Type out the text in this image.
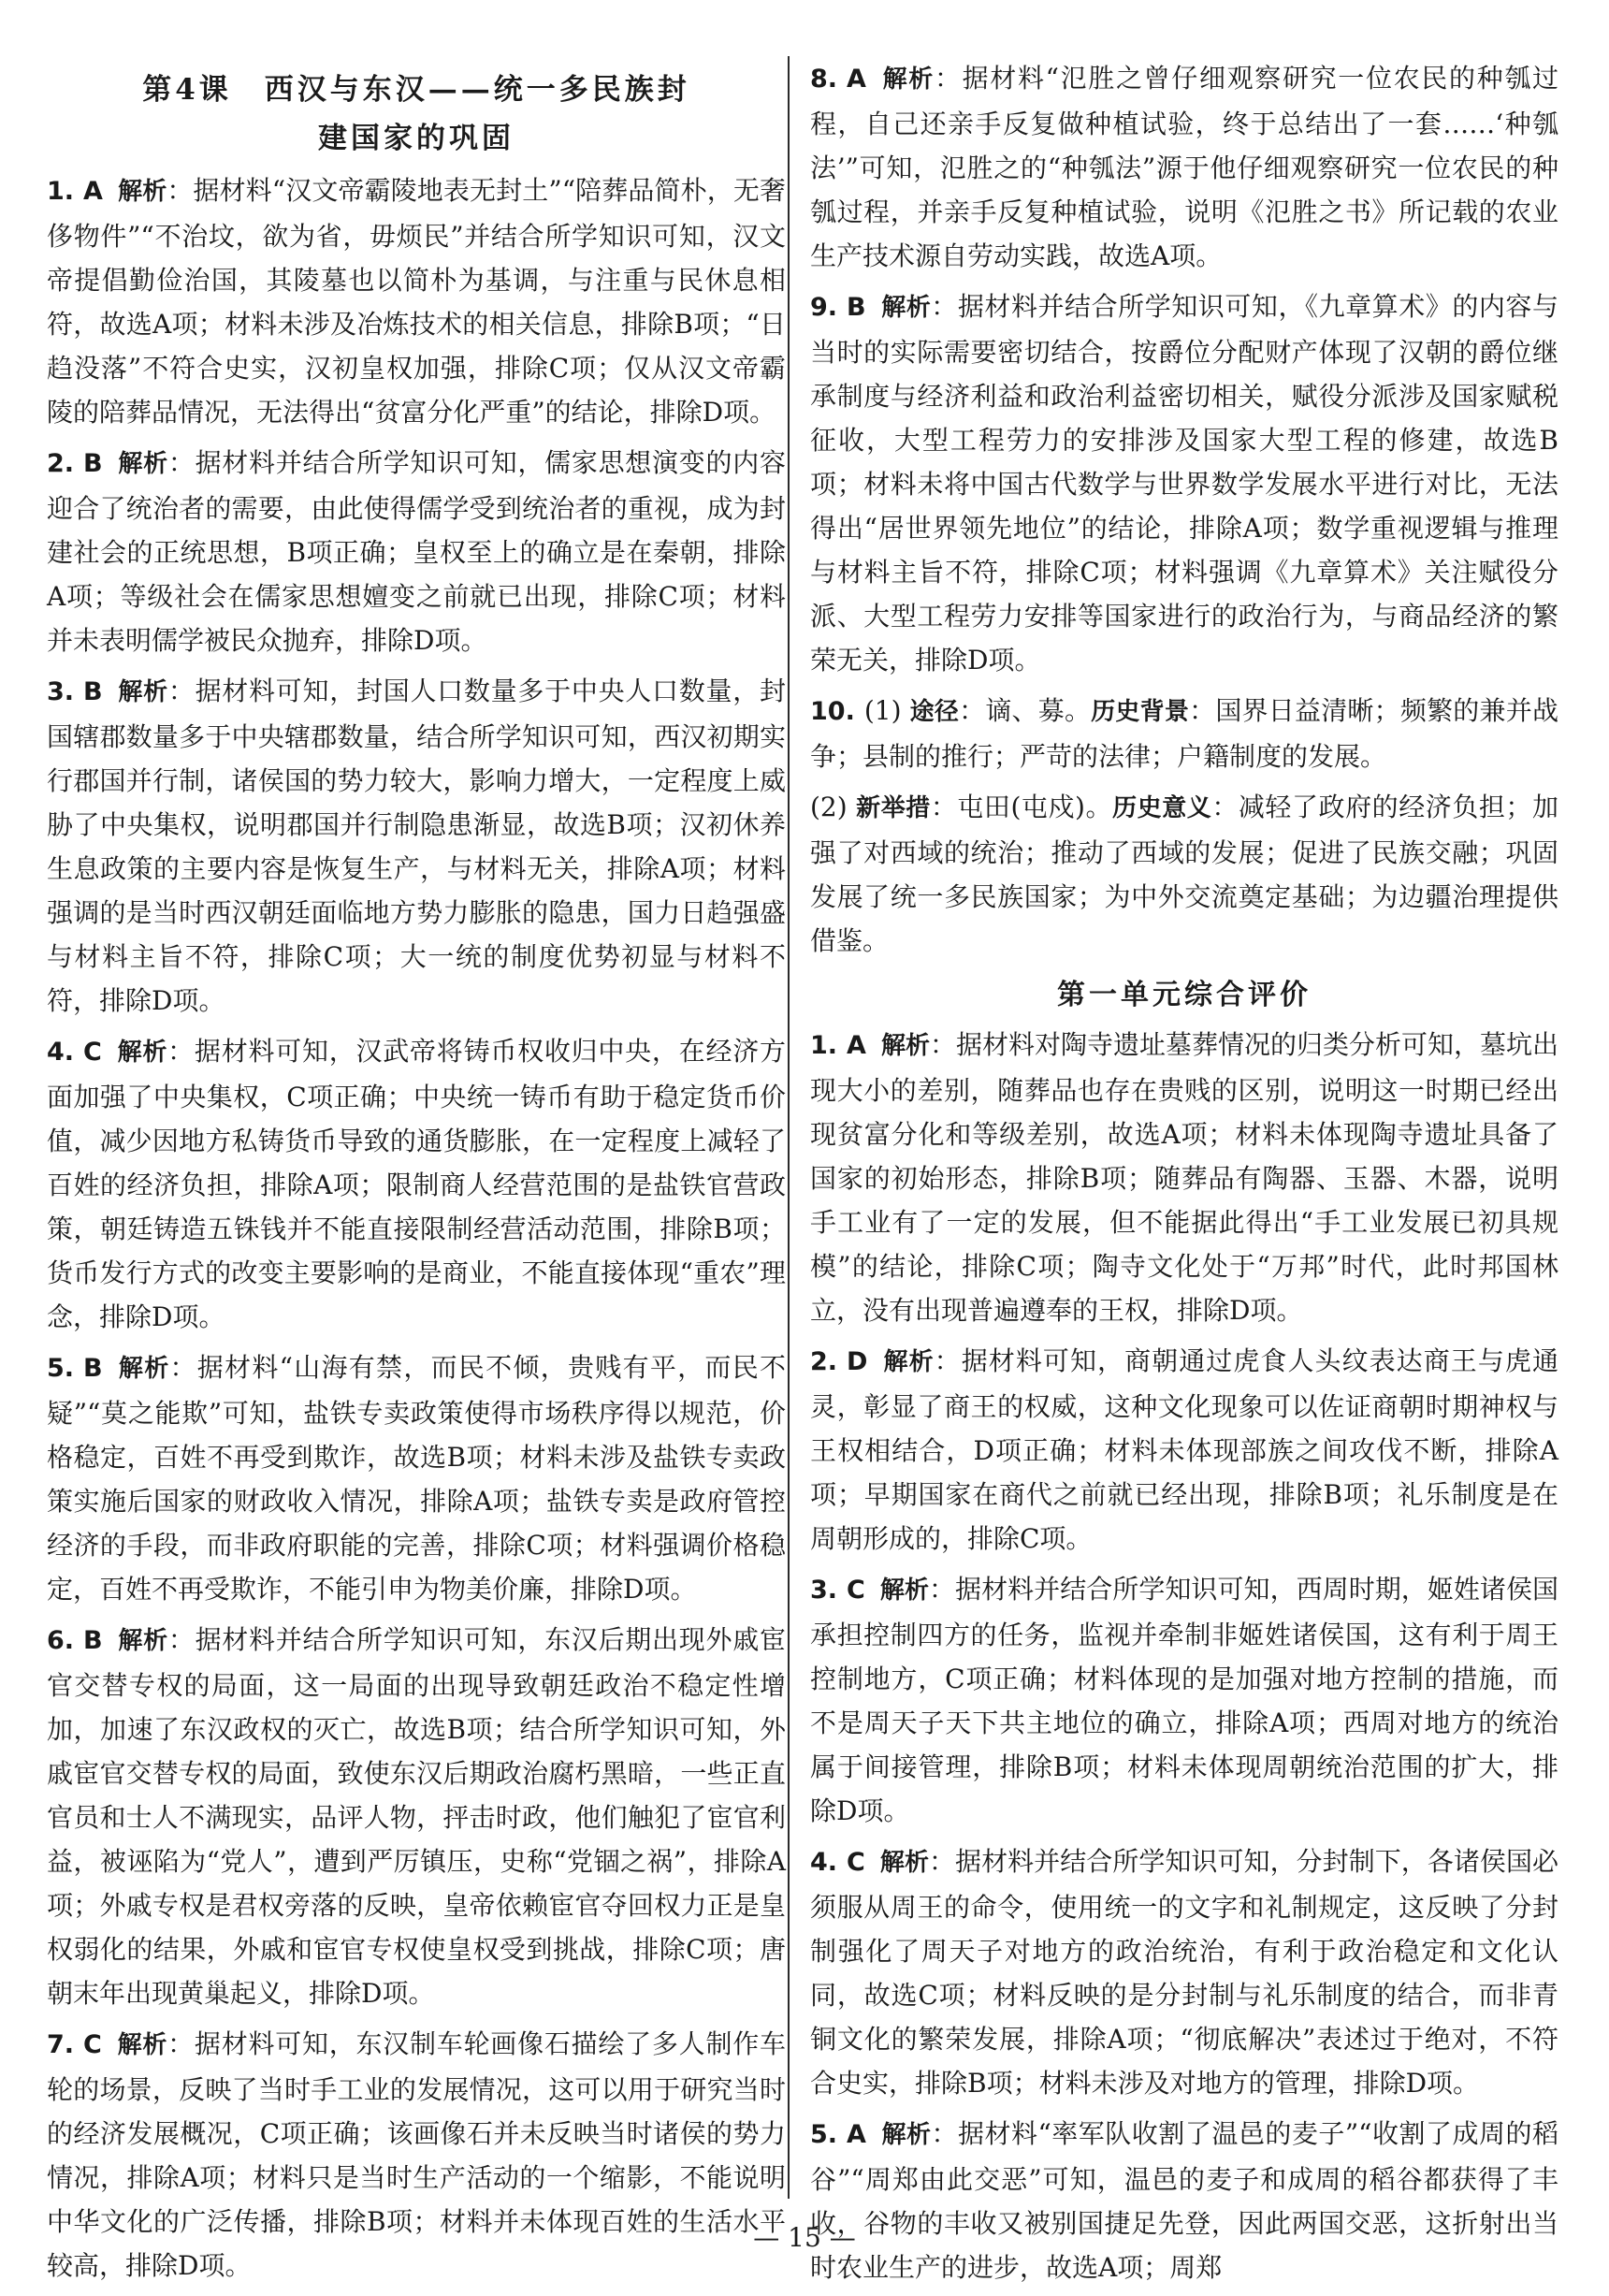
第4课　西汉与东汉——统一多民族封
建国家的巩固

1. A 解析：据材料“汉文帝霸陵地表无封土”“陪葬品简朴，无奢侈物件”“不治坟，欲为省，毋烦民”并结合所学知识可知，汉文帝提倡勤俭治国，其陵墓也以简朴为基调，与注重与民休息相符，故选A项；材料未涉及冶炼技术的相关信息，排除B项；“日趋没落”不符合史实，汉初皇权加强，排除C项；仅从汉文帝霸陵的陪葬品情况，无法得出“贫富分化严重”的结论，排除D项。

2. B 解析：据材料并结合所学知识可知，儒家思想演变的内容迎合了统治者的需要，由此使得儒学受到统治者的重视，成为封建社会的正统思想，B项正确；皇权至上的确立是在秦朝，排除A项；等级社会在儒家思想嬗变之前就已出现，排除C项；材料并未表明儒学被民众抛弃，排除D项。

3. B 解析：据材料可知，封国人口数量多于中央人口数量，封国辖郡数量多于中央辖郡数量，结合所学知识可知，西汉初期实行郡国并行制，诸侯国的势力较大，影响力增大，一定程度上威胁了中央集权，说明郡国并行制隐患渐显，故选B项；汉初休养生息政策的主要内容是恢复生产，与材料无关，排除A项；材料强调的是当时西汉朝廷面临地方势力膨胀的隐患，国力日趋强盛与材料主旨不符，排除C项；大一统的制度优势初显与材料不符，排除D项。

4. C 解析：据材料可知，汉武帝将铸币权收归中央，在经济方面加强了中央集权，C项正确；中央统一铸币有助于稳定货币价值，减少因地方私铸货币导致的通货膨胀，在一定程度上减轻了百姓的经济负担，排除A项；限制商人经营范围的是盐铁官营政策，朝廷铸造五铢钱并不能直接限制经营活动范围，排除B项；货币发行方式的改变主要影响的是商业，不能直接体现“重农”理念，排除D项。

5. B 解析：据材料“山海有禁，而民不倾，贵贱有平，而民不疑”“莫之能欺”可知，盐铁专卖政策使得市场秩序得以规范，价格稳定，百姓不再受到欺诈，故选B项；材料未涉及盐铁专卖政策实施后国家的财政收入情况，排除A项；盐铁专卖是政府管控经济的手段，而非政府职能的完善，排除C项；材料强调价格稳定，百姓不再受欺诈，不能引申为物美价廉，排除D项。

6. B 解析：据材料并结合所学知识可知，东汉后期出现外戚宦官交替专权的局面，这一局面的出现导致朝廷政治不稳定性增加，加速了东汉政权的灭亡，故选B项；结合所学知识可知，外戚宦官交替专权的局面，致使东汉后期政治腐朽黑暗，一些正直官员和士人不满现实，品评人物，抨击时政，他们触犯了宦官利益，被诬陷为“党人”，遭到严厉镇压，史称“党锢之祸”，排除A项；外戚专权是君权旁落的反映，皇帝依赖宦官夺回权力正是皇权弱化的结果，外戚和宦官专权使皇权受到挑战，排除C项；唐朝末年出现黄巢起义，排除D项。

7. C 解析：据材料可知，东汉制车轮画像石描绘了多人制作车轮的场景，反映了当时手工业的发展情况，这可以用于研究当时的经济发展概况，C项正确；该画像石并未反映当时诸侯的势力情况，排除A项；材料只是当时生产活动的一个缩影，不能说明中华文化的广泛传播，排除B项；材料并未体现百姓的生活水平较高，排除D项。

8. A 解析：据材料“氾胜之曾仔细观察研究一位农民的种瓠过程，自己还亲手反复做种植试验，终于总结出了一套……‘种瓠法’”可知，氾胜之的“种瓠法”源于他仔细观察研究一位农民的种瓠过程，并亲手反复种植试验，说明《氾胜之书》所记载的农业生产技术源自劳动实践，故选A项。

9. B 解析：据材料并结合所学知识可知，《九章算术》的内容与当时的实际需要密切结合，按爵位分配财产体现了汉朝的爵位继承制度与经济利益和政治利益密切相关，赋役分派涉及国家赋税征收，大型工程劳力的安排涉及国家大型工程的修建，故选B项；材料未将中国古代数学与世界数学发展水平进行对比，无法得出“居世界领先地位”的结论，排除A项；数学重视逻辑与推理与材料主旨不符，排除C项；材料强调《九章算术》关注赋役分派、大型工程劳力安排等国家进行的政治行为，与商品经济的繁荣无关，排除D项。

10. (1) 途径：谪、募。历史背景：国界日益清晰；频繁的兼并战争；县制的推行；严苛的法律；户籍制度的发展。

(2) 新举措：屯田(屯戍)。历史意义：减轻了政府的经济负担；加强了对西域的统治；推动了西域的发展；促进了民族交融；巩固发展了统一多民族国家；为中外交流奠定基础；为边疆治理提供借鉴。

第一单元综合评价

1. A 解析：据材料对陶寺遗址墓葬情况的归类分析可知，墓坑出现大小的差别，随葬品也存在贵贱的区别，说明这一时期已经出现贫富分化和等级差别，故选A项；材料未体现陶寺遗址具备了国家的初始形态，排除B项；随葬品有陶器、玉器、木器，说明手工业有了一定的发展，但不能据此得出“手工业发展已初具规模”的结论，排除C项；陶寺文化处于“万邦”时代，此时邦国林立，没有出现普遍遵奉的王权，排除D项。

2. D 解析：据材料可知，商朝通过虎食人头纹表达商王与虎通灵，彰显了商王的权威，这种文化现象可以佐证商朝时期神权与王权相结合，D项正确；材料未体现部族之间攻伐不断，排除A项；早期国家在商代之前就已经出现，排除B项；礼乐制度是在周朝形成的，排除C项。

3. C 解析：据材料并结合所学知识可知，西周时期，姬姓诸侯国承担控制四方的任务，监视并牵制非姬姓诸侯国，这有利于周王控制地方，C项正确；材料体现的是加强对地方控制的措施，而不是周天子天下共主地位的确立，排除A项；西周对地方的统治属于间接管理，排除B项；材料未体现周朝统治范围的扩大，排除D项。

4. C 解析：据材料并结合所学知识可知，分封制下，各诸侯国必须服从周王的命令，使用统一的文字和礼制规定，这反映了分封制强化了周天子对地方的政治统治，有利于政治稳定和文化认同，故选C项；材料反映的是分封制与礼乐制度的结合，而非青铜文化的繁荣发展，排除A项；“彻底解决”表述过于绝对，不符合史实，排除B项；材料未涉及对地方的管理，排除D项。

5. A 解析：据材料“率军队收割了温邑的麦子”“收割了成周的稻谷”“周郑由此交恶”可知，温邑的麦子和成周的稻谷都获得了丰收，谷物的丰收又被别国捷足先登，因此两国交恶，这折射出当时农业生产的进步，故选A项；周郑

— 15 —
